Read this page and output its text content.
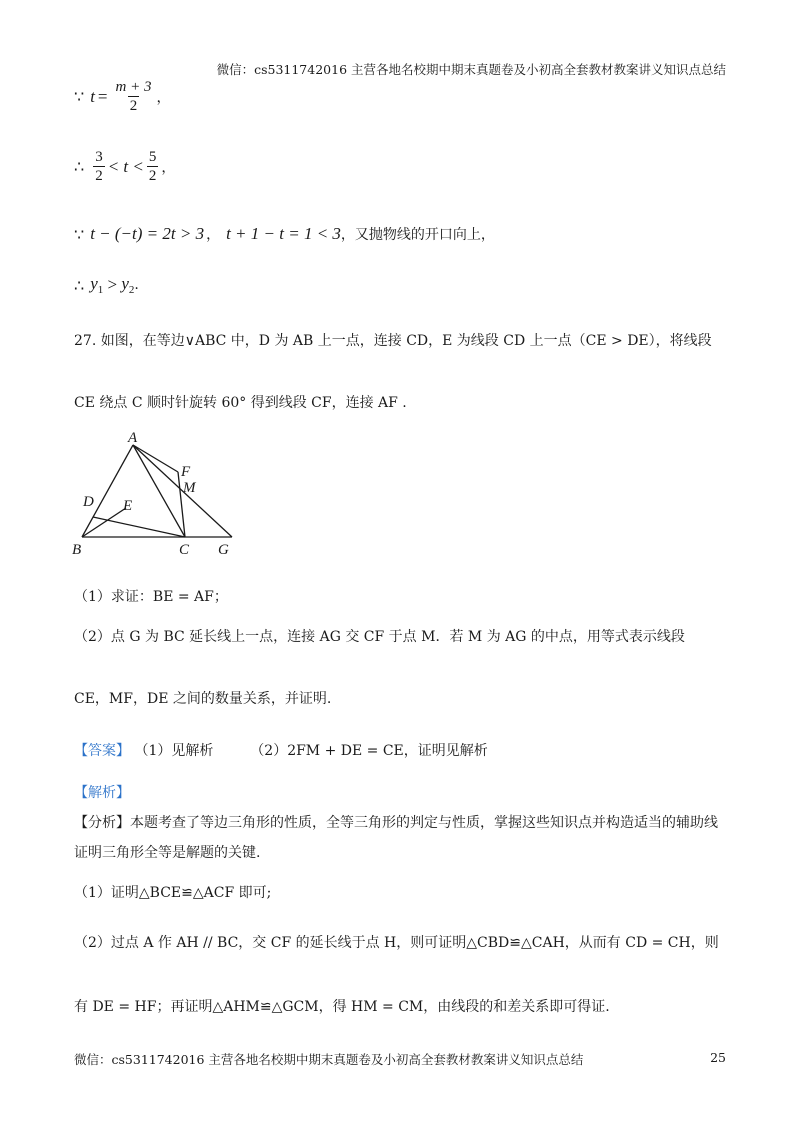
微信：cs5311742016 主营各地名校期中期末真题卷及小初高全套教材教案讲义知识点总结
∵ $t = \frac{m + 3}{2}$ ，
∴ $\frac{3}{2} < t < \frac{5}{2}$ ，
∵ t − (−t) = 2t > 3 ， t + 1 − t = 1 < 3 ，又抛物线的开口向上，
∴ $y_1 > y_2$ .
27. 如图，在等边∨ABC 中，D 为 AB 上一点，连接 CD，E 为线段 CD 上一点（CE > DE），将线段
CE 绕点 C 顺时针旋转 60° 得到线段 CF，连接 AF .
A
B	C
D E
F
M
G
（1）求证：BE = AF；
（2）点 G 为 BC 延长线上一点，连接 AG 交 CF 于点 M．若 M 为 AG 的中点，用等式表示线段
CE，MF，DE 之间的数量关系，并证明.
【答案】 （1）见解析	（2）2FM + DE = CE，证明见解析
【解析】
【分析】本题考查了等边三角形的性质，全等三角形的判定与性质，掌握这些知识点并构造适当的辅助线
证明三角形全等是解题的关键.
（1）证明△BCE≌△ACF 即可;
（2）过点 A 作 AH // BC，交 CF 的延长线于点 H，则可证明△CBD≌△CAH，从而有 CD = CH，则
有 DE = HF；再证明△AHM≌△GCM，得 HM = CM，由线段的和差关系即可得证.
微信：cs5311742016 主营各地名校期中期末真题卷及小初高全套教材教案讲义知识点总结	25
